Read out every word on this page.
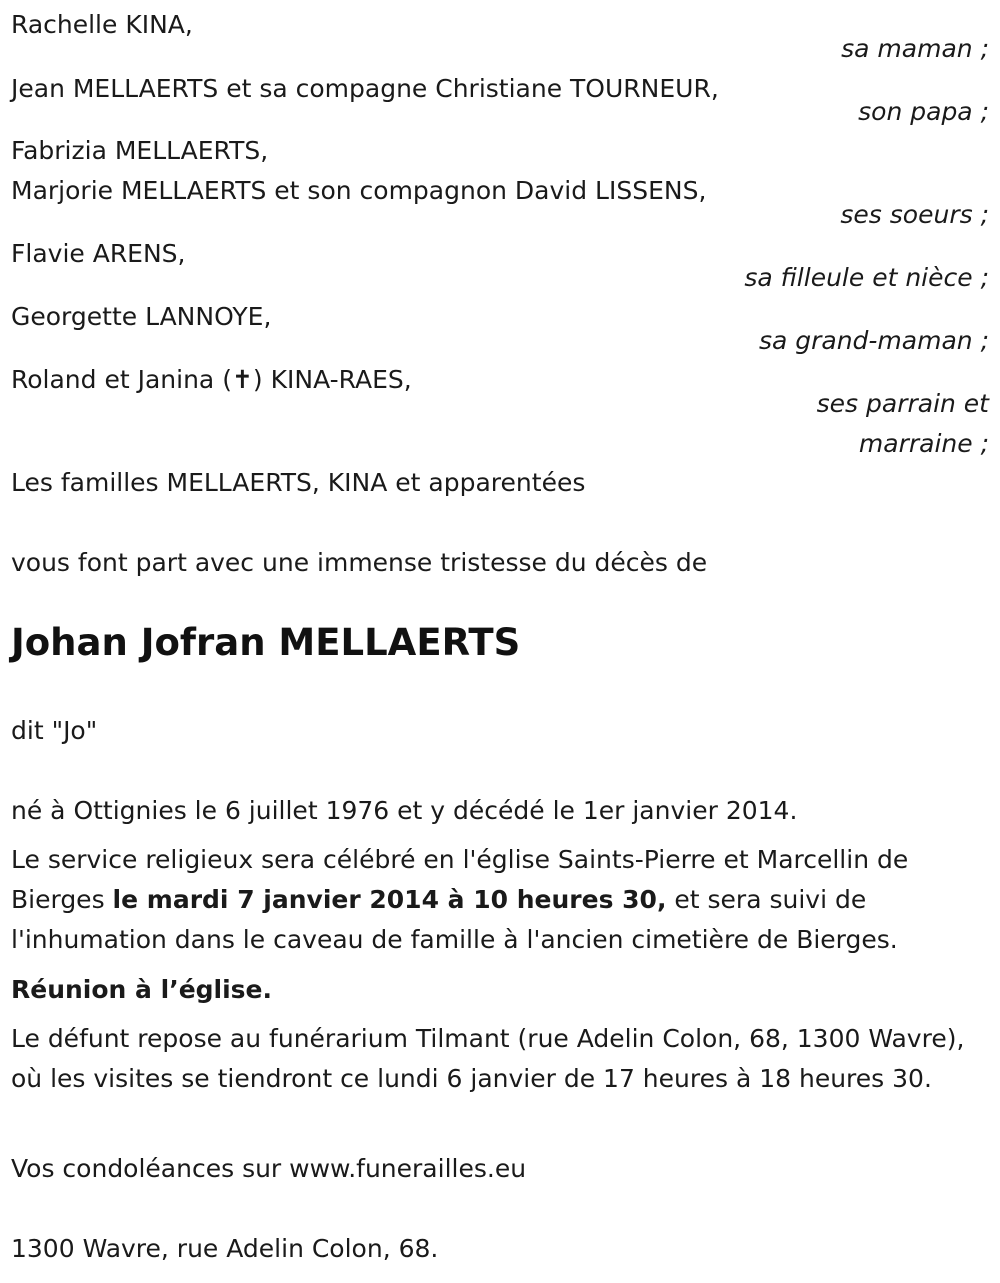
Rachelle KINA,

sa maman ;

Jean MELLAERTS et sa compagne Christiane TOURNEUR,

son papa ;

Fabrizia MELLAERTS,

Marjorie MELLAERTS et son compagnon David LISSENS,

ses soeurs ;

Flavie ARENS,

sa filleule et nièce ;

Georgette LANNOYE,

sa grand-maman ;

Roland et Janina (✝) KINA-RAES,

ses parrain et

marraine ;

Les familles MELLAERTS, KINA et apparentées

vous font part avec une immense tristesse du décès de

Johan Jofran MELLAERTS

dit "Jo"

né à Ottignies le 6 juillet 1976 et y décédé le 1er janvier 2014.

Le service religieux sera célébré en l'église Saints-Pierre et Marcellin de Bierges le mardi 7 janvier 2014 à 10 heures 30, et sera suivi de l'inhumation dans le caveau de famille à l'ancien cimetière de Bierges.

Réunion à l’église.

Le défunt repose au funérarium Tilmant (rue Adelin Colon, 68, 1300 Wavre), où les visites se tiendront ce lundi 6 janvier de 17 heures à 18 heures 30.

Vos condoléances sur www.funerailles.eu

1300 Wavre, rue Adelin Colon, 68.
